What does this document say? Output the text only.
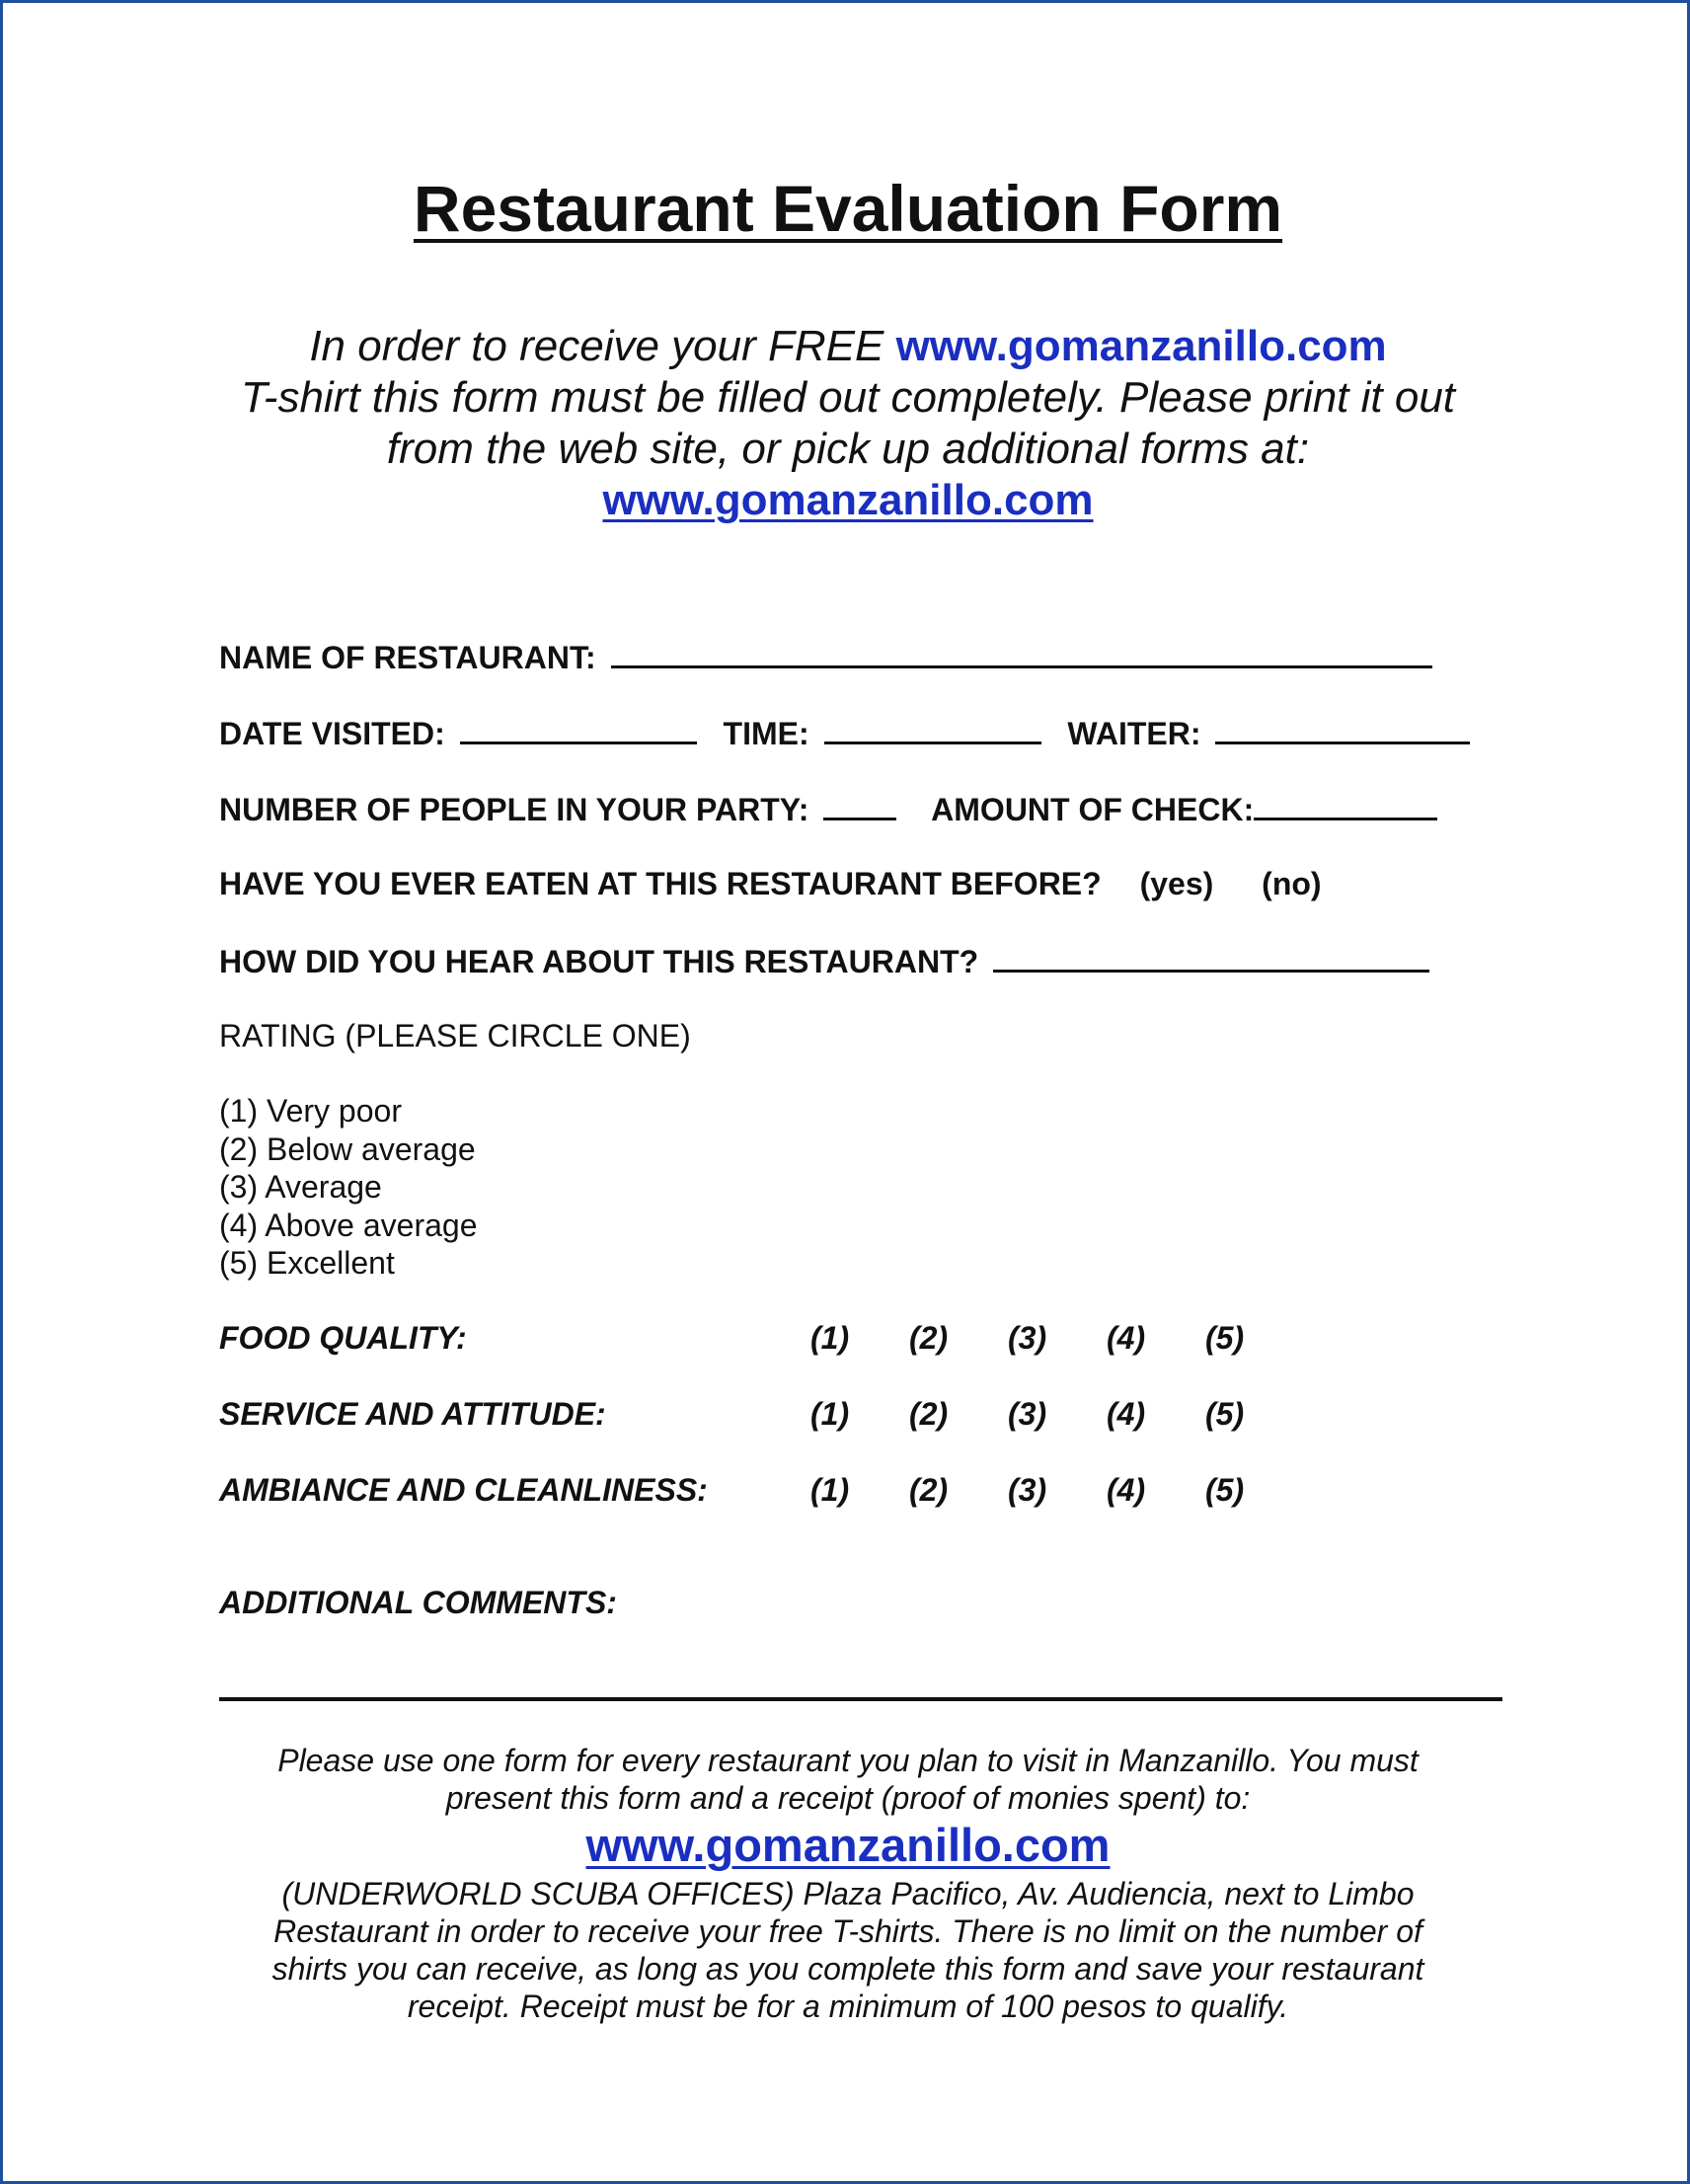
Restaurant Evaluation Form
In order to receive your FREE www.gomanzanillo.com
T-shirt this form must be filled out completely. Please print it out
from the web site, or pick up additional forms at:
www.gomanzanillo.com
NAME OF RESTAURANT:
DATE VISITED:	TIME:	WAITER:
NUMBER OF PEOPLE IN YOUR PARTY:	AMOUNT OF CHECK:
HAVE YOU EVER EATEN AT THIS RESTAURANT BEFORE? (yes) (no)
HOW DID YOU HEAR ABOUT THIS RESTAURANT?
RATING (PLEASE CIRCLE ONE)
(1) Very poor
(2) Below average
(3) Average
(4) Above average
(5) Excellent
FOOD QUALITY:	(1) (2) (3) (4) (5)
SERVICE AND ATTITUDE:	(1) (2) (3) (4) (5)
AMBIANCE AND CLEANLINESS:	(1) (2) (3) (4) (5)
ADDITIONAL COMMENTS:
Please use one form for every restaurant you plan to visit in Manzanillo. You must
present this form and a receipt (proof of monies spent) to:
www.gomanzanillo.com
(UNDERWORLD SCUBA OFFICES) Plaza Pacifico, Av. Audiencia, next to Limbo
Restaurant in order to receive your free T-shirts. There is no limit on the number of
shirts you can receive, as long as you complete this form and save your restaurant
receipt. Receipt must be for a minimum of 100 pesos to qualify.
